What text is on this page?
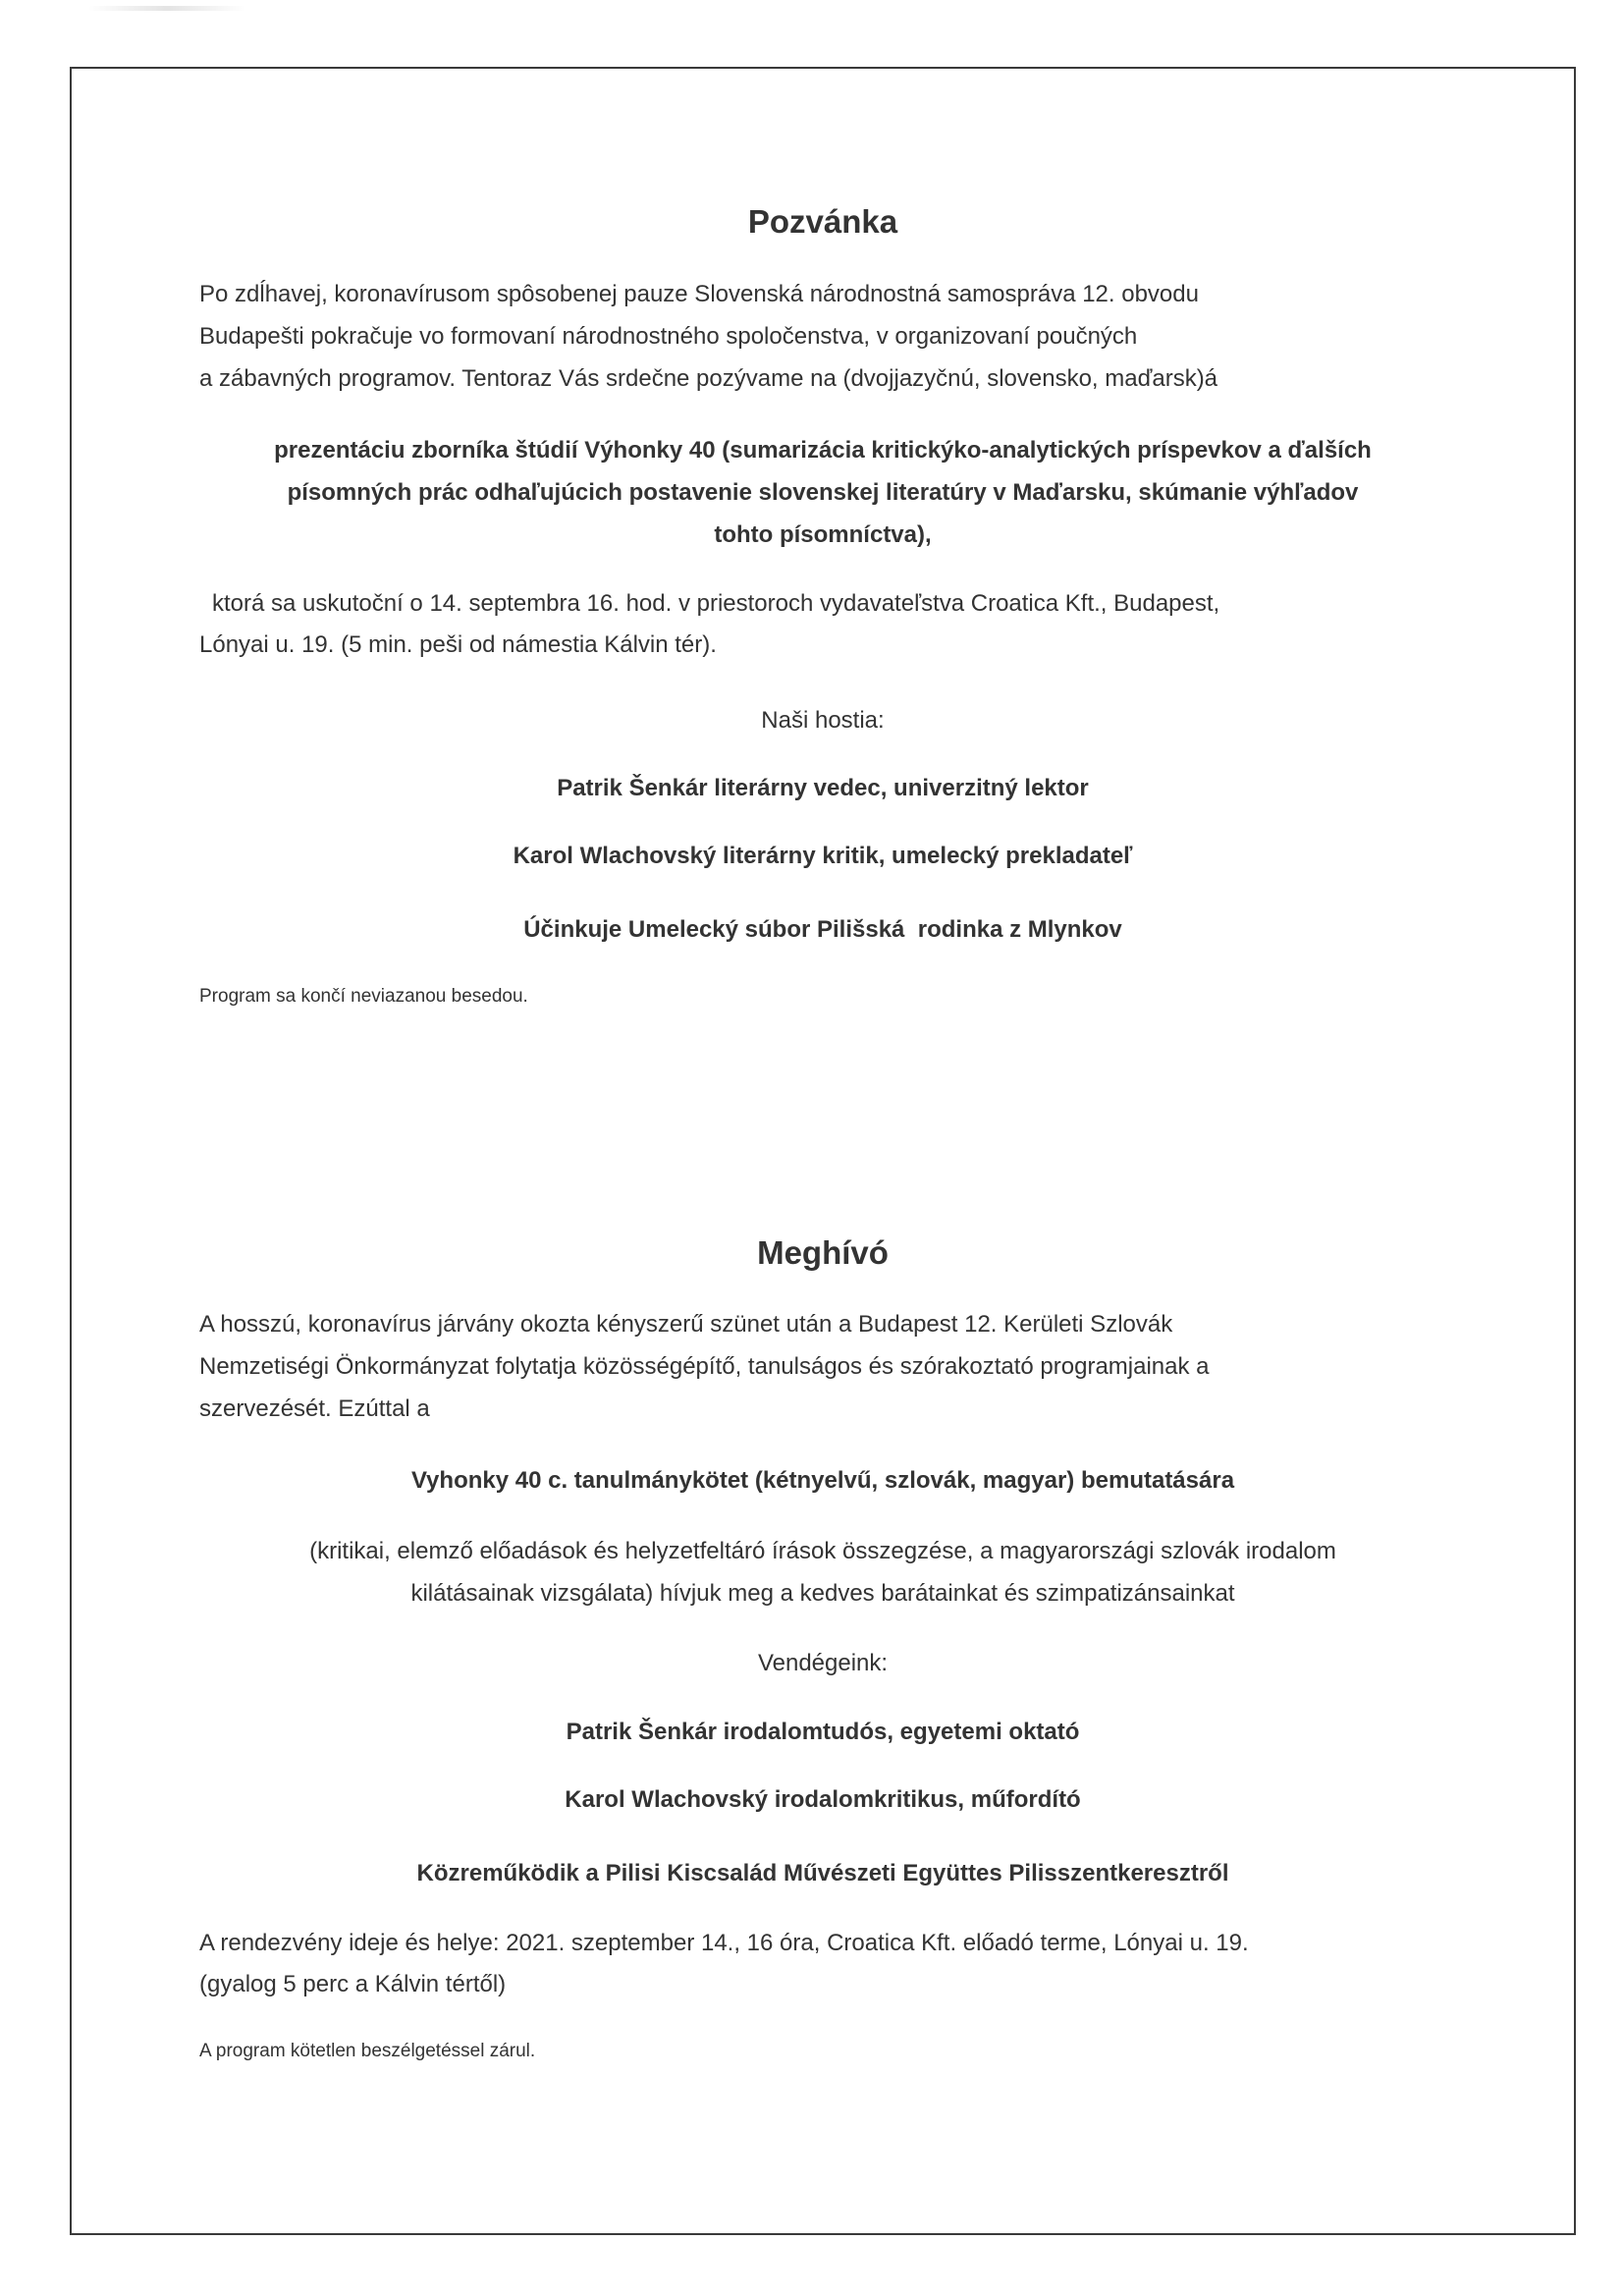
Pozvánka
Po zdĺhavej, koronavírusom spôsobenej pauze Slovenská národnostná samospráva 12. obvodu
Budapešti pokračuje vo formovaní národnostného spoločenstva, v organizovaní poučných
a zábavných programov. Tentoraz Vás srdečne pozývame na (dvojjazyčnú, slovensko, maďarsk)á
prezentáciu zborníka štúdií Výhonky 40 (sumarizácia kritickýko-analytických príspevkov a ďalších
písomných prác odhaľujúcich postavenie slovenskej literatúry v Maďarsku, skúmanie výhľadov
tohto písomníctva),
ktorá sa uskutoční o 14. septembra 16. hod. v priestoroch vydavateľstva Croatica Kft., Budapest,
Lónyai u. 19. (5 min. peši od námestia Kálvin tér).
Naši hostia:
Patrik Šenkár literárny vedec, univerzitný lektor
Karol Wlachovský literárny kritik, umelecký prekladateľ
Účinkuje Umelecký súbor Pilišská  rodinka z Mlynkov
Program sa končí neviazanou besedou.
Meghívó
A hosszú, koronavírus járvány okozta kényszerű szünet után a Budapest 12. Kerületi Szlovák
Nemzetiségi Önkormányzat folytatja közösségépítő, tanulságos és szórakoztató programjainak a
szervezését. Ezúttal a
Vyhonky 40 c. tanulmánykötet (kétnyelvű, szlovák, magyar) bemutatására
(kritikai, elemző előadások és helyzetfeltáró írások összegzése, a magyarországi szlovák irodalom
kilátásainak vizsgálata) hívjuk meg a kedves barátainkat és szimpatizánsainkat
Vendégeink:
Patrik Šenkár irodalomtudós, egyetemi oktató
Karol Wlachovský irodalomkritikus, műfordító
Közreműködik a Pilisi Kiscsalád Művészeti Együttes Pilisszentkeresztről
A rendezvény ideje és helye: 2021. szeptember 14., 16 óra, Croatica Kft. előadó terme, Lónyai u. 19.
(gyalog 5 perc a Kálvin tértől)
A program kötetlen beszélgetéssel zárul.
